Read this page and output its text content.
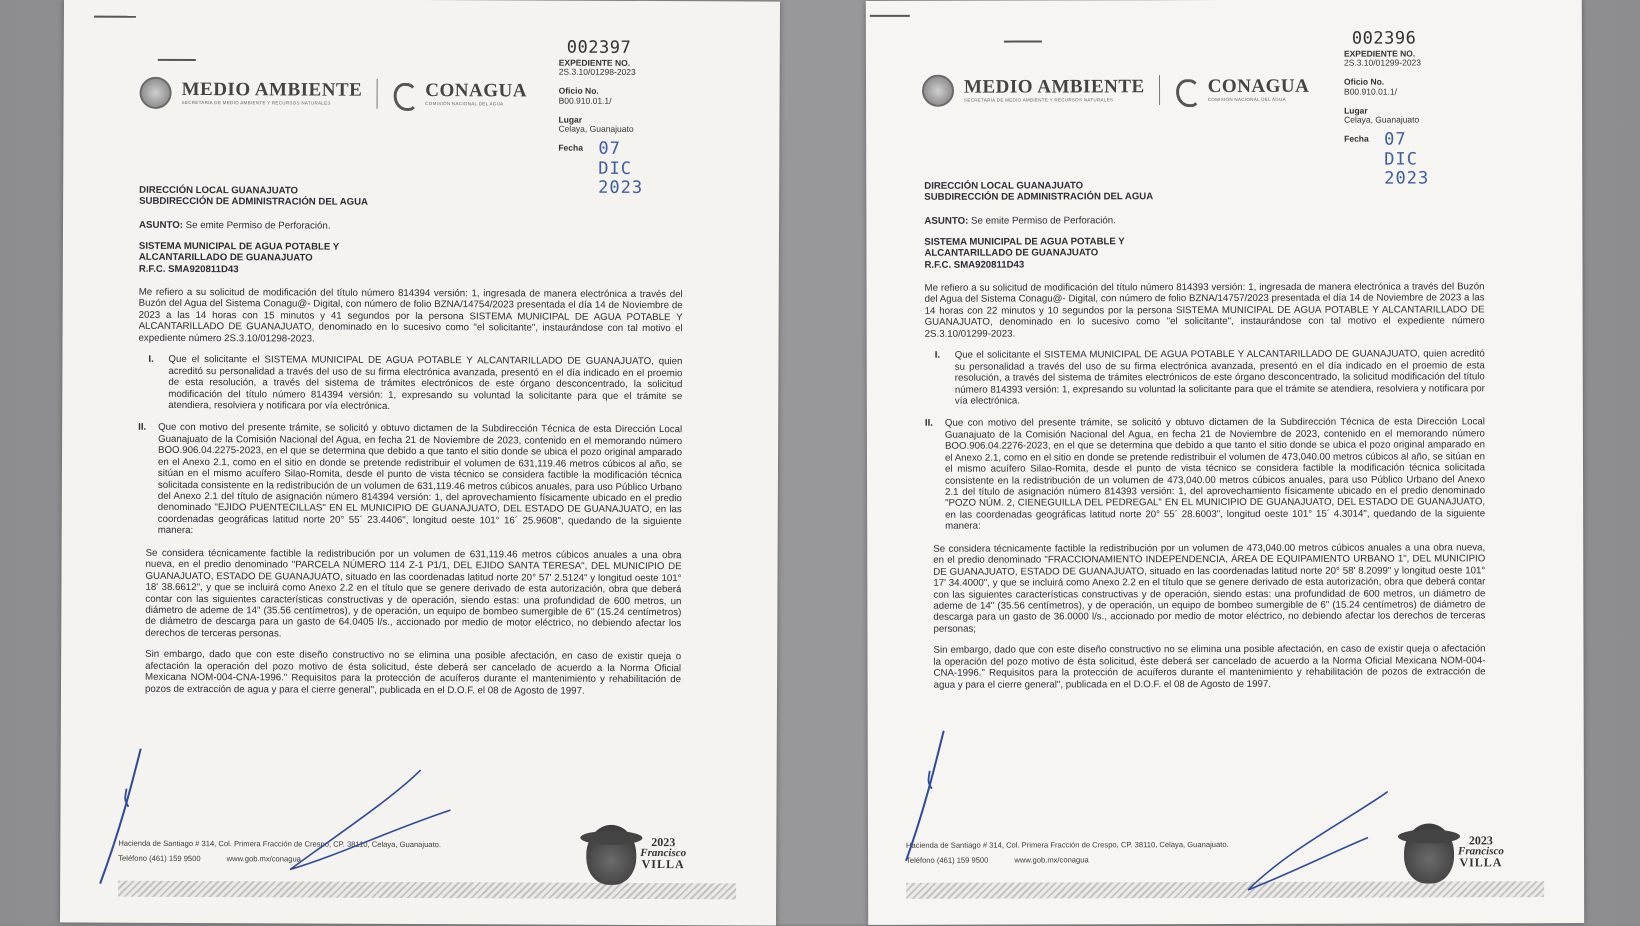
MEDIO AMBIENTE
SECRETARÍA DE MEDIO AMBIENTE Y RECURSOS NATURALES
CONAGUA
COMISIÓN NACIONAL DEL AGUA
002397
EXPEDIENTE NO.
2S.3.10/01298-2023
Oficio No.
B00.910.01.1/
Lugar
Celaya, Guanajuato
Fecha 07 DIC 2023
DIRECCIÓN LOCAL GUANAJUATO
SUBDIRECCIÓN DE ADMINISTRACIÓN DEL AGUA

ASUNTO: Se emite Permiso de Perforación.

SISTEMA MUNICIPAL DE AGUA POTABLE Y
ALCANTARILLADO DE GUANAJUATO
R.F.C. SMA920811D43

Me refiero a su solicitud de modificación del título número 814394 versión: 1, ingresada de manera electrónica a través del Buzón del Agua del Sistema Conagu@- Digital, con número de folio BZNA/14754/2023 presentada el día 14 de Noviembre de 2023 a las 14 horas con 15 minutos y 41 segundos por la persona SISTEMA MUNICIPAL DE AGUA POTABLE Y ALCANTARILLADO DE GUANAJUATO, denominado en lo sucesivo como "el solicitante", instaurándose con tal motivo el expediente número 2S.3.10/01298-2023.

I.	Que el solicitante el SISTEMA MUNICIPAL DE AGUA POTABLE Y ALCANTARILLADO DE GUANAJUATO, quien acreditó su personalidad a través del uso de su firma electrónica avanzada, presentó en el día indicado en el proemio de esta resolución, a través del sistema de trámites electrónicos de este órgano desconcentrado, la solicitud modificación del título número 814394 versión: 1, expresando su voluntad la solicitante para que el trámite se atendiera, resolviera y notificara por vía electrónica.
II.	Que con motivo del presente trámite, se solicitó y obtuvo dictamen de la Subdirección Técnica de esta Dirección Local Guanajuato de la Comisión Nacional del Agua, en fecha 21 de Noviembre de 2023, contenido en el memorando número BOO.906.04.2275-2023, en el que se determina que debido a que tanto el sitio donde se ubica el pozo original amparado en el Anexo 2.1, como en el sitio en donde se pretende redistribuir el volumen de 631,119.46 metros cúbicos al año, se sitúan en el mismo acuífero Silao-Romita, desde el punto de vista técnico se considera factible la modificación técnica solicitada consistente en la redistribución de un volumen de 631,119.46 metros cúbicos anuales, para uso Público Urbano del Anexo 2.1 del título de asignación número 814394 versión: 1, del aprovechamiento físicamente ubicado en el predio denominado "EJIDO PUENTECILLAS" EN EL MUNICIPIO DE GUANAJUATO, DEL ESTADO DE GUANAJUATO, en las coordenadas geográficas latitud norte 20° 55´ 23.4406", longitud oeste 101° 16´ 25.9608", quedando de la siguiente manera:

Se considera técnicamente factible la redistribución por un volumen de 631,119.46 metros cúbicos anuales a una obra nueva, en el predio denominado "PARCELA NÚMERO 114 Z-1 P1/1, DEL EJIDO SANTA TERESA", DEL MUNICIPIO DE GUANAJUATO, ESTADO DE GUANAJUATO, situado en las coordenadas latitud norte 20° 57' 2.5124" y longitud oeste 101° 18' 38.6612", y que se incluirá como Anexo 2.2 en el título que se genere derivado de esta autorización, obra que deberá contar con las siguientes características constructivas y de operación, siendo estas: una profundidad de 600 metros, un diámetro de ademe de 14" (35.56 centímetros), y de operación, un equipo de bombeo sumergible de 6" (15.24 centímetros) de diámetro de descarga para un gasto de 64.0405 l/s., accionado por medio de motor eléctrico, no debiendo afectar los derechos de terceras personas.

Sin embargo, dado que con este diseño constructivo no se elimina una posible afectación, en caso de existir queja o afectación la operación del pozo motivo de ésta solicitud, éste deberá ser cancelado de acuerdo a la Norma Oficial Mexicana NOM-004-CNA-1996." Requisitos para la protección de acuíferos durante el mantenimiento y rehabilitación de pozos de extracción de agua y para el cierre general", publicada en el D.O.F. el 08 de Agosto de 1997.

Hacienda de Santiago # 314, Col. Primera Fracción de Crespo, CP. 38110, Celaya, Guanajuato.
Teléfono (461) 159 9500	www.gob.mx/conagua
2023
Francisco
VILLA
MEDIO AMBIENTE
SECRETARÍA DE MEDIO AMBIENTE Y RECURSOS NATURALES
CONAGUA
COMISIÓN NACIONAL DEL AGUA
002396
EXPEDIENTE NO.
2S.3.10/01299-2023
Oficio No.
B00.910.01.1/
Lugar
Celaya, Guanajuato
Fecha 07 DIC 2023
DIRECCIÓN LOCAL GUANAJUATO
SUBDIRECCIÓN DE ADMINISTRACIÓN DEL AGUA

ASUNTO: Se emite Permiso de Perforación.

SISTEMA MUNICIPAL DE AGUA POTABLE Y
ALCANTARILLADO DE GUANAJUATO
R.F.C. SMA920811D43

Me refiero a su solicitud de modificación del título número 814393 versión: 1, ingresada de manera electrónica a través del Buzón del Agua del Sistema Conagu@- Digital, con número de folio BZNA/14757/2023 presentada el día 14 de Noviembre de 2023 a las 14 horas con 22 minutos y 10 segundos por la persona SISTEMA MUNICIPAL DE AGUA POTABLE Y ALCANTARILLADO DE GUANAJUATO, denominado en lo sucesivo como "el solicitante", instaurándose con tal motivo el expediente número 2S.3.10/01299-2023.

I.	Que el solicitante el SISTEMA MUNICIPAL DE AGUA POTABLE Y ALCANTARILLADO DE GUANAJUATO, quien acreditó su personalidad a través del uso de su firma electrónica avanzada, presentó en el día indicado en el proemio de esta resolución, a través del sistema de trámites electrónicos de este órgano desconcentrado, la solicitud modificación del título número 814393 versión: 1, expresando su voluntad la solicitante para que el trámite se atendiera, resolviera y notificara por vía electrónica.
II.	Que con motivo del presente trámite, se solicitó y obtuvo dictamen de la Subdirección Técnica de esta Dirección Local Guanajuato de la Comisión Nacional del Agua, en fecha 21 de Noviembre de 2023, contenido en el memorando número BOO.906.04.2276-2023, en el que se determina que debido a que tanto el sitio donde se ubica el pozo original amparado en el Anexo 2.1, como en el sitio en donde se pretende redistribuir el volumen de 473,040.00 metros cúbicos al año, se sitúan en el mismo acuífero Silao-Romita, desde el punto de vista técnico se considera factible la modificación técnica solicitada consistente en la redistribución de un volumen de 473,040.00 metros cúbicos anuales, para uso Público Urbano del Anexo 2.1 del título de asignación número 814393 versión: 1, del aprovechamiento físicamente ubicado en el predio denominado "POZO NÚM. 2, CIENEGUILLA DEL PEDREGAL" EN EL MUNICIPIO DE GUANAJUATO, DEL ESTADO DE GUANAJUATO, en las coordenadas geográficas latitud norte 20° 55´ 28.6003", longitud oeste 101° 15´ 4.3014", quedando de la siguiente manera:

Se considera técnicamente factible la redistribución por un volumen de 473,040.00 metros cúbicos anuales a una obra nueva, en el predio denominado "FRACCIONAMIENTO INDEPENDENCIA, ÁREA DE EQUIPAMIENTO URBANO 1", DEL MUNICIPIO DE GUANAJUATO, ESTADO DE GUANAJUATO, situado en las coordenadas latitud norte 20° 58' 8.2099" y longitud oeste 101° 17' 34.4000", y que se incluirá como Anexo 2.2 en el título que se genere derivado de esta autorización, obra que deberá contar con las siguientes características constructivas y de operación, siendo estas: una profundidad de 600 metros, un diámetro de ademe de 14" (35.56 centímetros), y de operación, un equipo de bombeo sumergible de 6" (15.24 centímetros) de diámetro de descarga para un gasto de 36.0000 l/s., accionado por medio de motor eléctrico, no debiendo afectar los derechos de terceras personas;

Sin embargo, dado que con este diseño constructivo no se elimina una posible afectación, en caso de existir queja o afectación la operación del pozo motivo de ésta solicitud, éste deberá ser cancelado de acuerdo a la Norma Oficial Mexicana NOM-004-CNA-1996." Requisitos para la protección de acuíferos durante el mantenimiento y rehabilitación de pozos de extracción de agua y para el cierre general", publicada en el D.O.F. el 08 de Agosto de 1997.

Hacienda de Santiago # 314, Col. Primera Fracción de Crespo, CP. 38110, Celaya, Guanajuato.
Teléfono (461) 159 9500	www.gob.mx/conagua
2023
Francisco
VILLA
